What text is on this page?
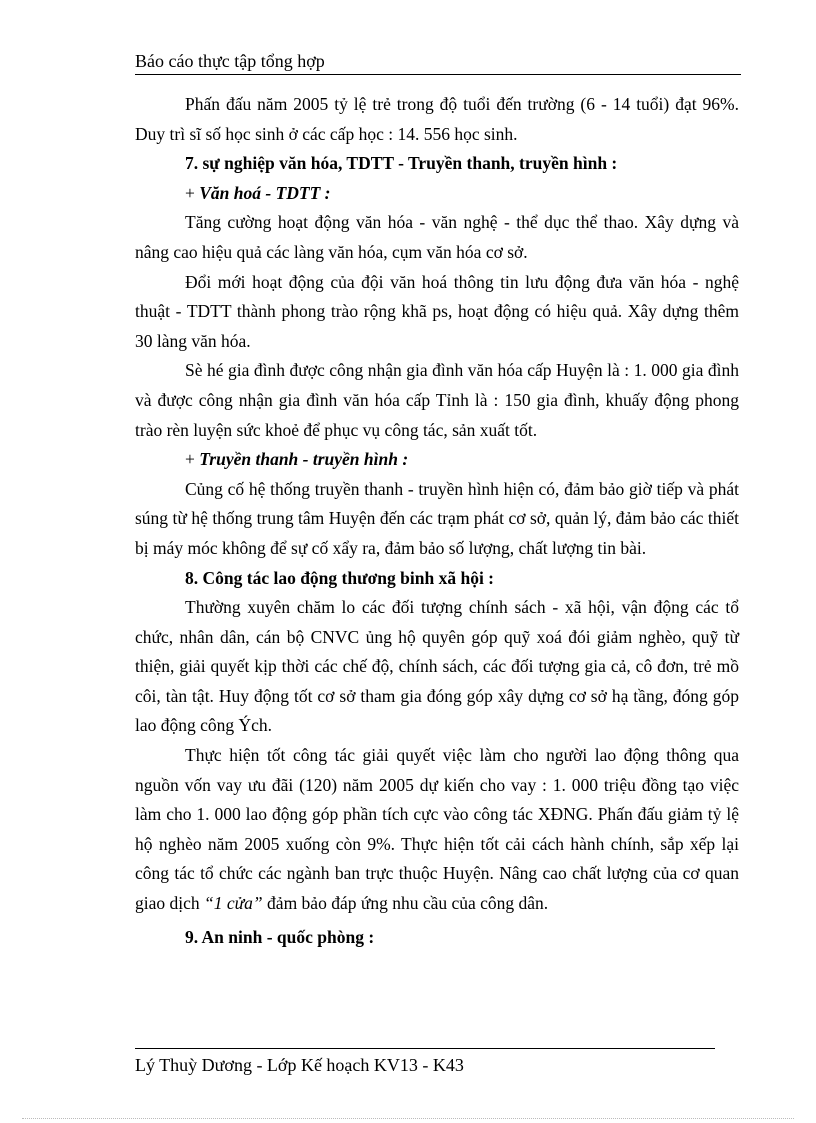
Báo cáo thực tập tổng hợp

Phấn đấu năm 2005 tỷ lệ trẻ trong độ tuổi đến trường (6 - 14 tuổi) đạt 96%. Duy trì sĩ số học sinh ở các cấp học : 14. 556 học sinh.

7. sự nghiệp văn hóa, TDTT - Truyền thanh, truyền hình :

+ Văn hoá - TDTT :

Tăng cường hoạt động văn hóa - văn nghệ - thể dục thể thao. Xây dựng và nâng cao hiệu quả các làng văn hóa, cụm văn hóa cơ sở.

Đổi mới hoạt động của đội văn hoá thông tin lưu động đưa văn hóa - nghệ thuật - TDTT thành phong trào rộng khã ps, hoạt động có hiệu quả. Xây dựng thêm 30 làng văn hóa.

Sè hé gia đình được công nhận gia đình văn hóa cấp Huyện là : 1. 000 gia đình và được công nhận gia đình văn hóa cấp Tỉnh là : 150 gia đình, khuấy động phong trào rèn luyện sức khoẻ để phục vụ công tác, sản xuất tốt.

+ Truyền thanh - truyền hình :

Củng cố hệ thống truyền thanh - truyền hình hiện có, đảm bảo giờ tiếp và phát súng từ hệ thống trung tâm Huyện đến các trạm phát cơ sở, quản lý, đảm bảo các thiết bị máy móc không để sự cố xẩy ra, đảm bảo số lượng, chất lượng tin bài.

8. Công tác lao động thương binh xã hội :

Thường xuyên chăm lo các đối tượng chính sách - xã hội, vận động các tổ chức, nhân dân, cán bộ CNVC ủng hộ quyên góp quỹ xoá đói giảm nghèo, quỹ từ thiện, giải quyết kịp thời các chế độ, chính sách, các đối tượng gia cả, cô đơn, trẻ mồ côi, tàn tật. Huy động tốt cơ sở tham gia đóng góp xây dựng cơ sở hạ tầng, đóng góp lao động công Ých.

Thực hiện tốt công tác giải quyết việc làm cho người lao động thông qua nguồn vốn vay ưu đãi (120) năm 2005 dự kiến cho vay : 1. 000 triệu đồng tạo việc làm cho 1. 000 lao động góp phần tích cực vào công tác XĐNG. Phấn đấu giảm tỷ lệ hộ nghèo năm 2005 xuống còn 9%. Thực hiện tốt cải cách hành chính, sắp xếp lại công tác tổ chức các ngành ban trực thuộc Huyện. Nâng cao chất lượng của cơ quan giao dịch “1 cửa” đảm bảo đáp ứng nhu cầu của công dân.

9. An ninh - quốc phòng :

Lý Thuỳ Dương - Lớp Kế hoạch KV13 - K43
